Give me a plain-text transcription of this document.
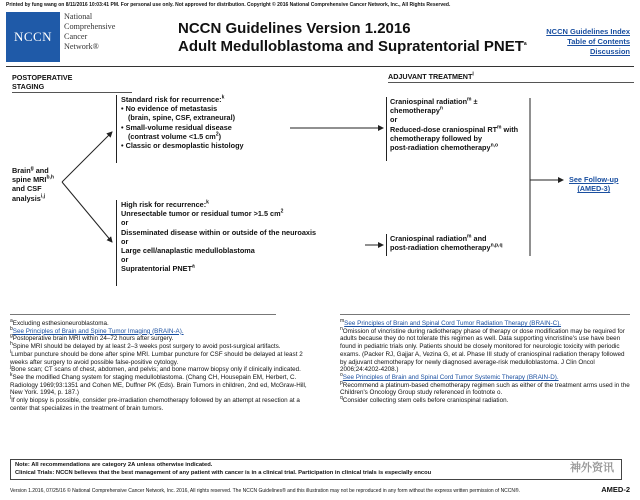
Printed by fung wang on 8/11/2016 10:03:41 PM. For personal use only. Not approved for distribution. Copyright © 2016 National Comprehensive Cancer Network, Inc., All Rights Reserved.
NCCN
National
Comprehensive
Cancer
Network®
NCCN Guidelines Version 1.2016
Adult Medulloblastoma and Supratentorial PNET$^a$
NCCN Guidelines Index
Table of Contents
Discussion
POSTOPERATIVE
STAGING
ADJUVANT TREATMENT$^l$
Brain$^g$ and
spine MRI$^{b,h}$
and CSF
analysis$^{i,j}$
Standard risk for recurrence:$^k$
• No evidence of metastasis
(brain, spine, CSF, extraneural)
• Small-volume residual disease
(contrast volume <1.5 $cm^2$)
• Classic or desmoplastic histology
High risk for recurrence:$^k$
Unresectable tumor or residual tumor >1.5 $cm^2$
or
Disseminated disease within or outside of the neuroaxis
or
Large cell/anaplastic medulloblastoma
or
Supratentorial PNET$^a$
Craniospinal radiation$^m$ ±
chemotherapy$^n$
or
Reduced-dose craniospinal $RT^m$ with
chemotherapy followed by
post-radiation chemotherapy$^{n,o}$
Craniospinal radiation$^m$ and
post-radiation chemotherapy$^{n,p,q}$
See Follow-up
(AMED-3)
$^a$Excluding esthesioneuroblastoma.
$^b$See Principles of Brain and Spine Tumor Imaging (BRAIN-A).
$^g$Postoperative brain MRI within 24–72 hours after surgery.
$^h$Spine MRI should be delayed by at least 2–3 weeks post surgery to avoid post-surgical artifacts.
$^i$Lumbar puncture should be done after spine MRI. Lumbar puncture for CSF should be delayed at least 2 weeks after surgery to avoid possible false-positive cytology.
$^j$Bone scan; CT scans of chest, abdomen, and pelvis; and bone marrow biopsy only if clinically indicated.
$^k$See the modified Chang system for staging medulloblastoma. (Chang CH, Housepain EM, Herbert, C. Radiology 1969;93:1351 and Cohen ME, Duffner PK (Eds). Brain Tumors in children, 2nd ed, McGraw-Hill, New York. 1994, p. 187.)
$^l$If only biopsy is possible, consider pre-irradiation chemotherapy followed by an attempt at resection at a center that specializes in the treatment of brain tumors.
$^m$See Principles of Brain and Spinal Cord Tumor Radiation Therapy (BRAIN-C).
$^n$Omission of vincristine during radiotherapy phase of therapy or dose modification may be required for adults because they do not tolerate this regimen as well. Data supporting vincristine's use have been found in pediatric trials only. Patients should be closely monitored for neurologic toxicity with periodic exams. (Packer RJ, Gajjar A, Vezina G, et al. Phase III study of craniospinal radiation therapy followed by adjuvant chemotherapy for newly diagnosed average-risk medulloblastoma. J Clin Oncol 2006;24:4202-4208.)
$^o$See Principles of Brain and Spinal Cord Tumor Systemic Therapy (BRAIN-D).
$^p$Recommend a platinum-based chemotherapy regimen such as either of the treatment arms used in the Children's Oncology Group study referenced in footnote o.
$^q$Consider collecting stem cells before craniospinal radiation.
Note: All recommendations are category 2A unless otherwise indicated.
Clinical Trials: NCCN believes that the best management of any patient with cancer is in a clinical trial. Participation in clinical trials is especially encou	神外资讯
Version 1.2016, 07/25/16 © National Comprehensive Cancer Network, Inc. 2016, All rights reserved. The NCCN Guidelines® and this illustration may not be reproduced in any form without the express written permission of NCCN®.	AMED-2
